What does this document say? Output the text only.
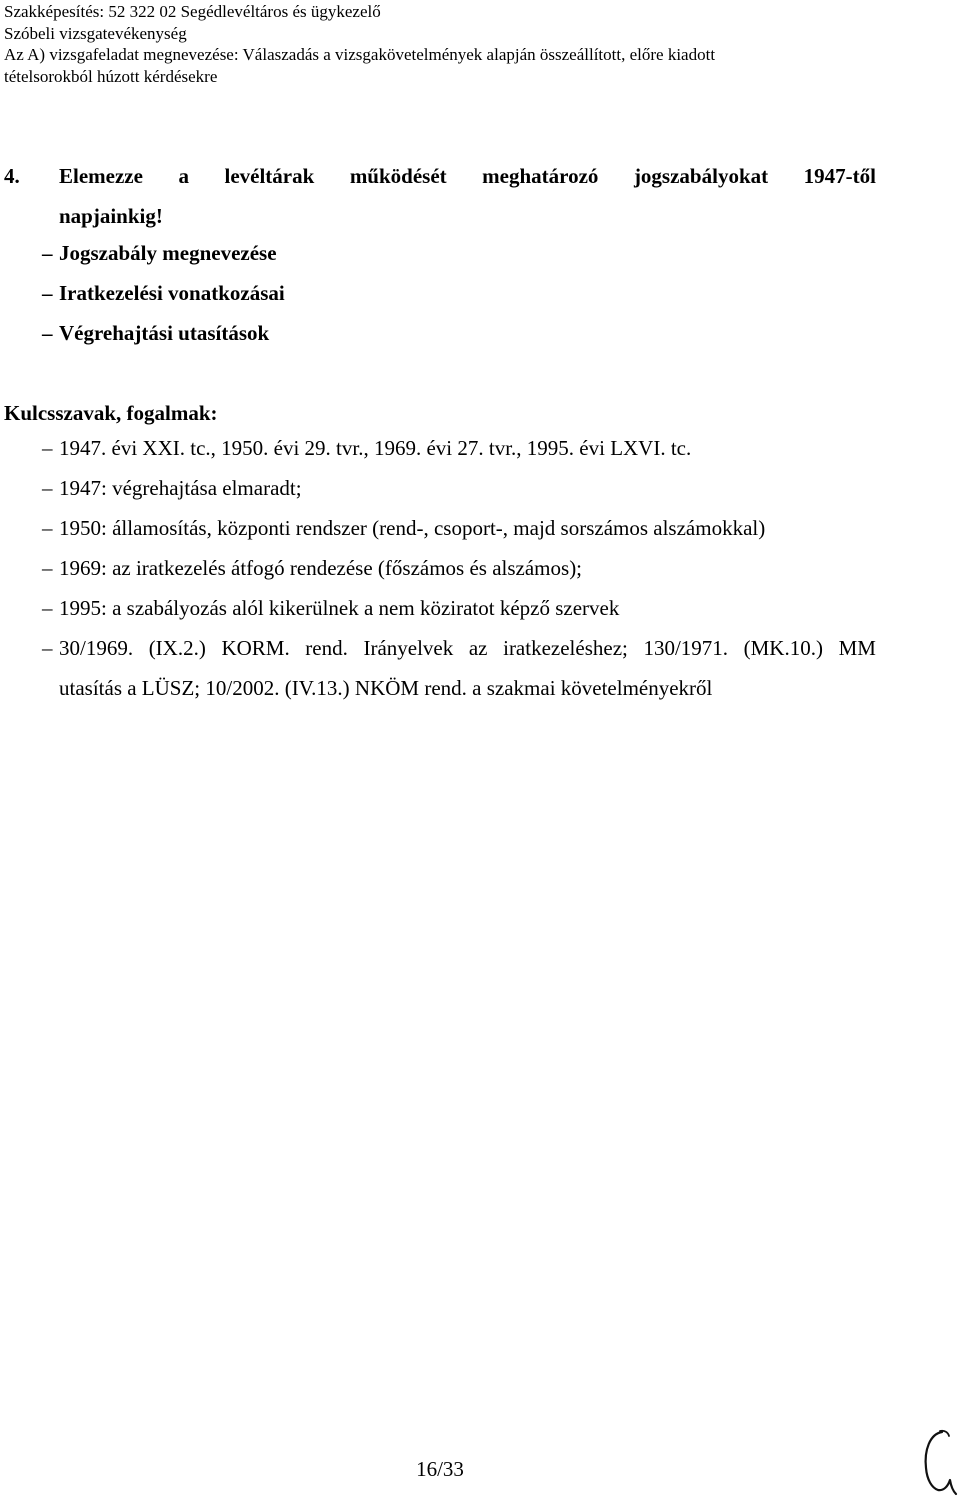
Szakképesítés: 52 322 02 Segédlevéltáros és ügykezelő
Szóbeli vizsgatevékenység
Az A) vizsgafeladat megnevezése: Válaszadás a vizsgakövetelmények alapján összeállított, előre kiadott
tételsorokból húzott kérdésekre
4. Elemezze a levéltárak működését meghatározó jogszabályokat 1947-től
napjainkig!
– Jogszabály megnevezése
– Iratkezelési vonatkozásai
– Végrehajtási utasítások
Kulcsszavak, fogalmak:
– 1947. évi XXI. tc., 1950. évi 29. tvr., 1969. évi 27. tvr., 1995. évi LXVI. tc.
– 1947: végrehajtása elmaradt;
– 1950: államosítás, központi rendszer (rend-, csoport-, majd sorszámos alszámokkal)
– 1969: az iratkezelés átfogó rendezése (főszámos és alszámos);
– 1995: a szabályozás alól kikerülnek a nem köziratot képző szervek
– 30/1969. (IX.2.) KORM. rend. Irányelvek az iratkezeléshez; 130/1971. (MK.10.) MM
utasítás a LÜSZ; 10/2002. (IV.13.) NKÖM rend. a szakmai követelményekről
16/33
